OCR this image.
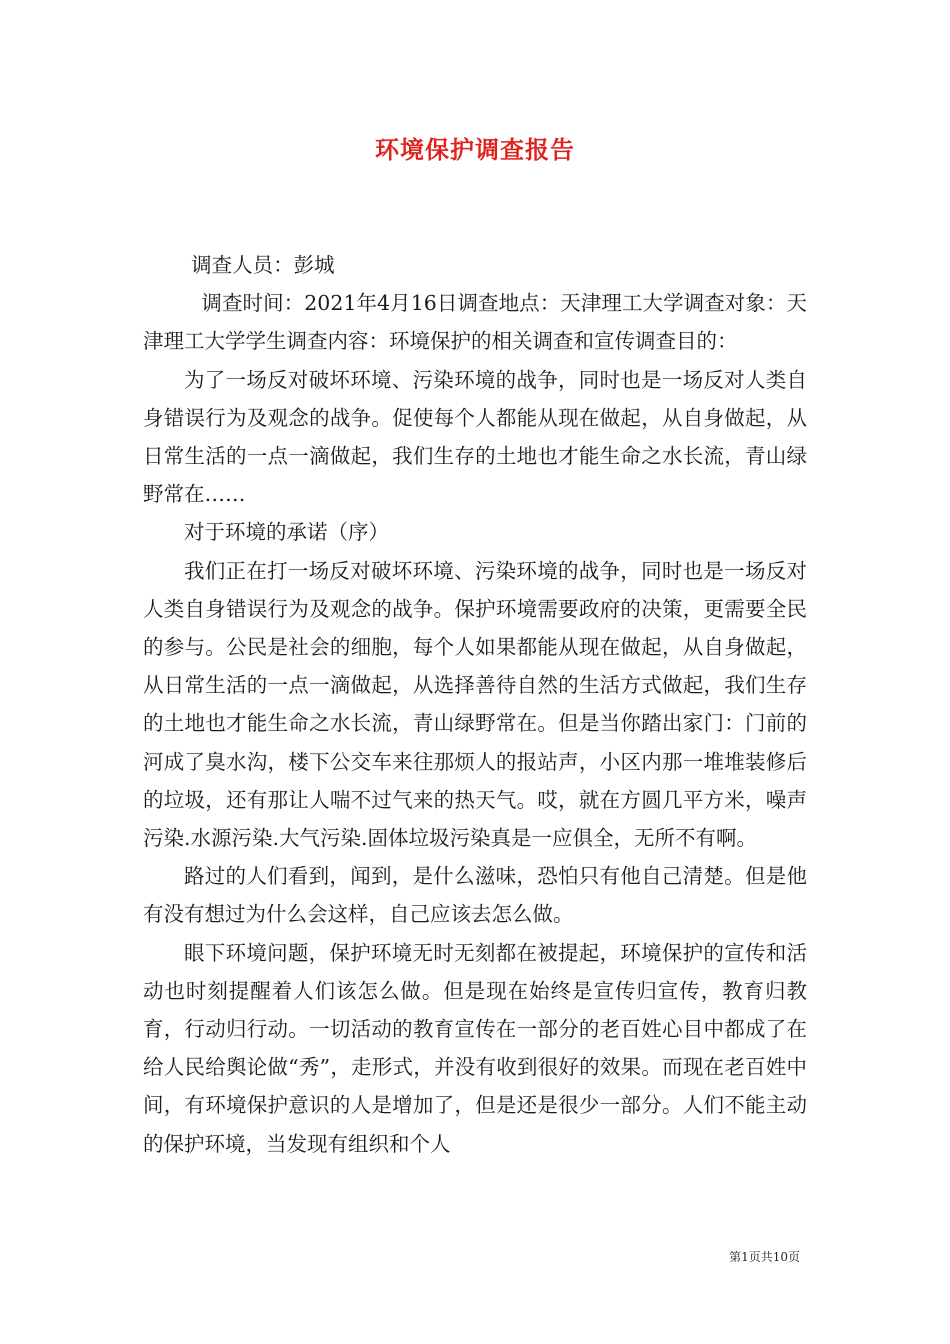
环境保护调查报告

调查人员：彭城

调查时间：2021年4月16日调查地点：天津理工大学调查对象：天津理工大学学生调查内容：环境保护的相关调查和宣传调查目的：

为了一场反对破坏环境、污染环境的战争，同时也是一场反对人类自身错误行为及观念的战争。促使每个人都能从现在做起，从自身做起，从日常生活的一点一滴做起，我们生存的土地也才能生命之水长流，青山绿野常在……

对于环境的承诺（序）

我们正在打一场反对破坏环境、污染环境的战争，同时也是一场反对人类自身错误行为及观念的战争。保护环境需要政府的决策，更需要全民的参与。公民是社会的细胞，每个人如果都能从现在做起，从自身做起，从日常生活的一点一滴做起，从选择善待自然的生活方式做起，我们生存的土地也才能生命之水长流，青山绿野常在。但是当你踏出家门：门前的河成了臭水沟，楼下公交车来往那烦人的报站声，小区内那一堆堆装修后的垃圾，还有那让人喘不过气来的热天气。哎，就在方圆几平方米，噪声污染.水源污染.大气污染.固体垃圾污染真是一应俱全，无所不有啊。

路过的人们看到，闻到，是什么滋味，恐怕只有他自己清楚。但是他有没有想过为什么会这样，自己应该去怎么做。

眼下环境问题，保护环境无时无刻都在被提起，环境保护的宣传和活动也时刻提醒着人们该怎么做。但是现在始终是宣传归宣传，教育归教育，行动归行动。一切活动的教育宣传在一部分的老百姓心目中都成了在给人民给舆论做“秀”，走形式，并没有收到很好的效果。而现在老百姓中间，有环境保护意识的人是增加了，但是还是很少一部分。人们不能主动的保护环境，当发现有组织和个人

第1页共10页
